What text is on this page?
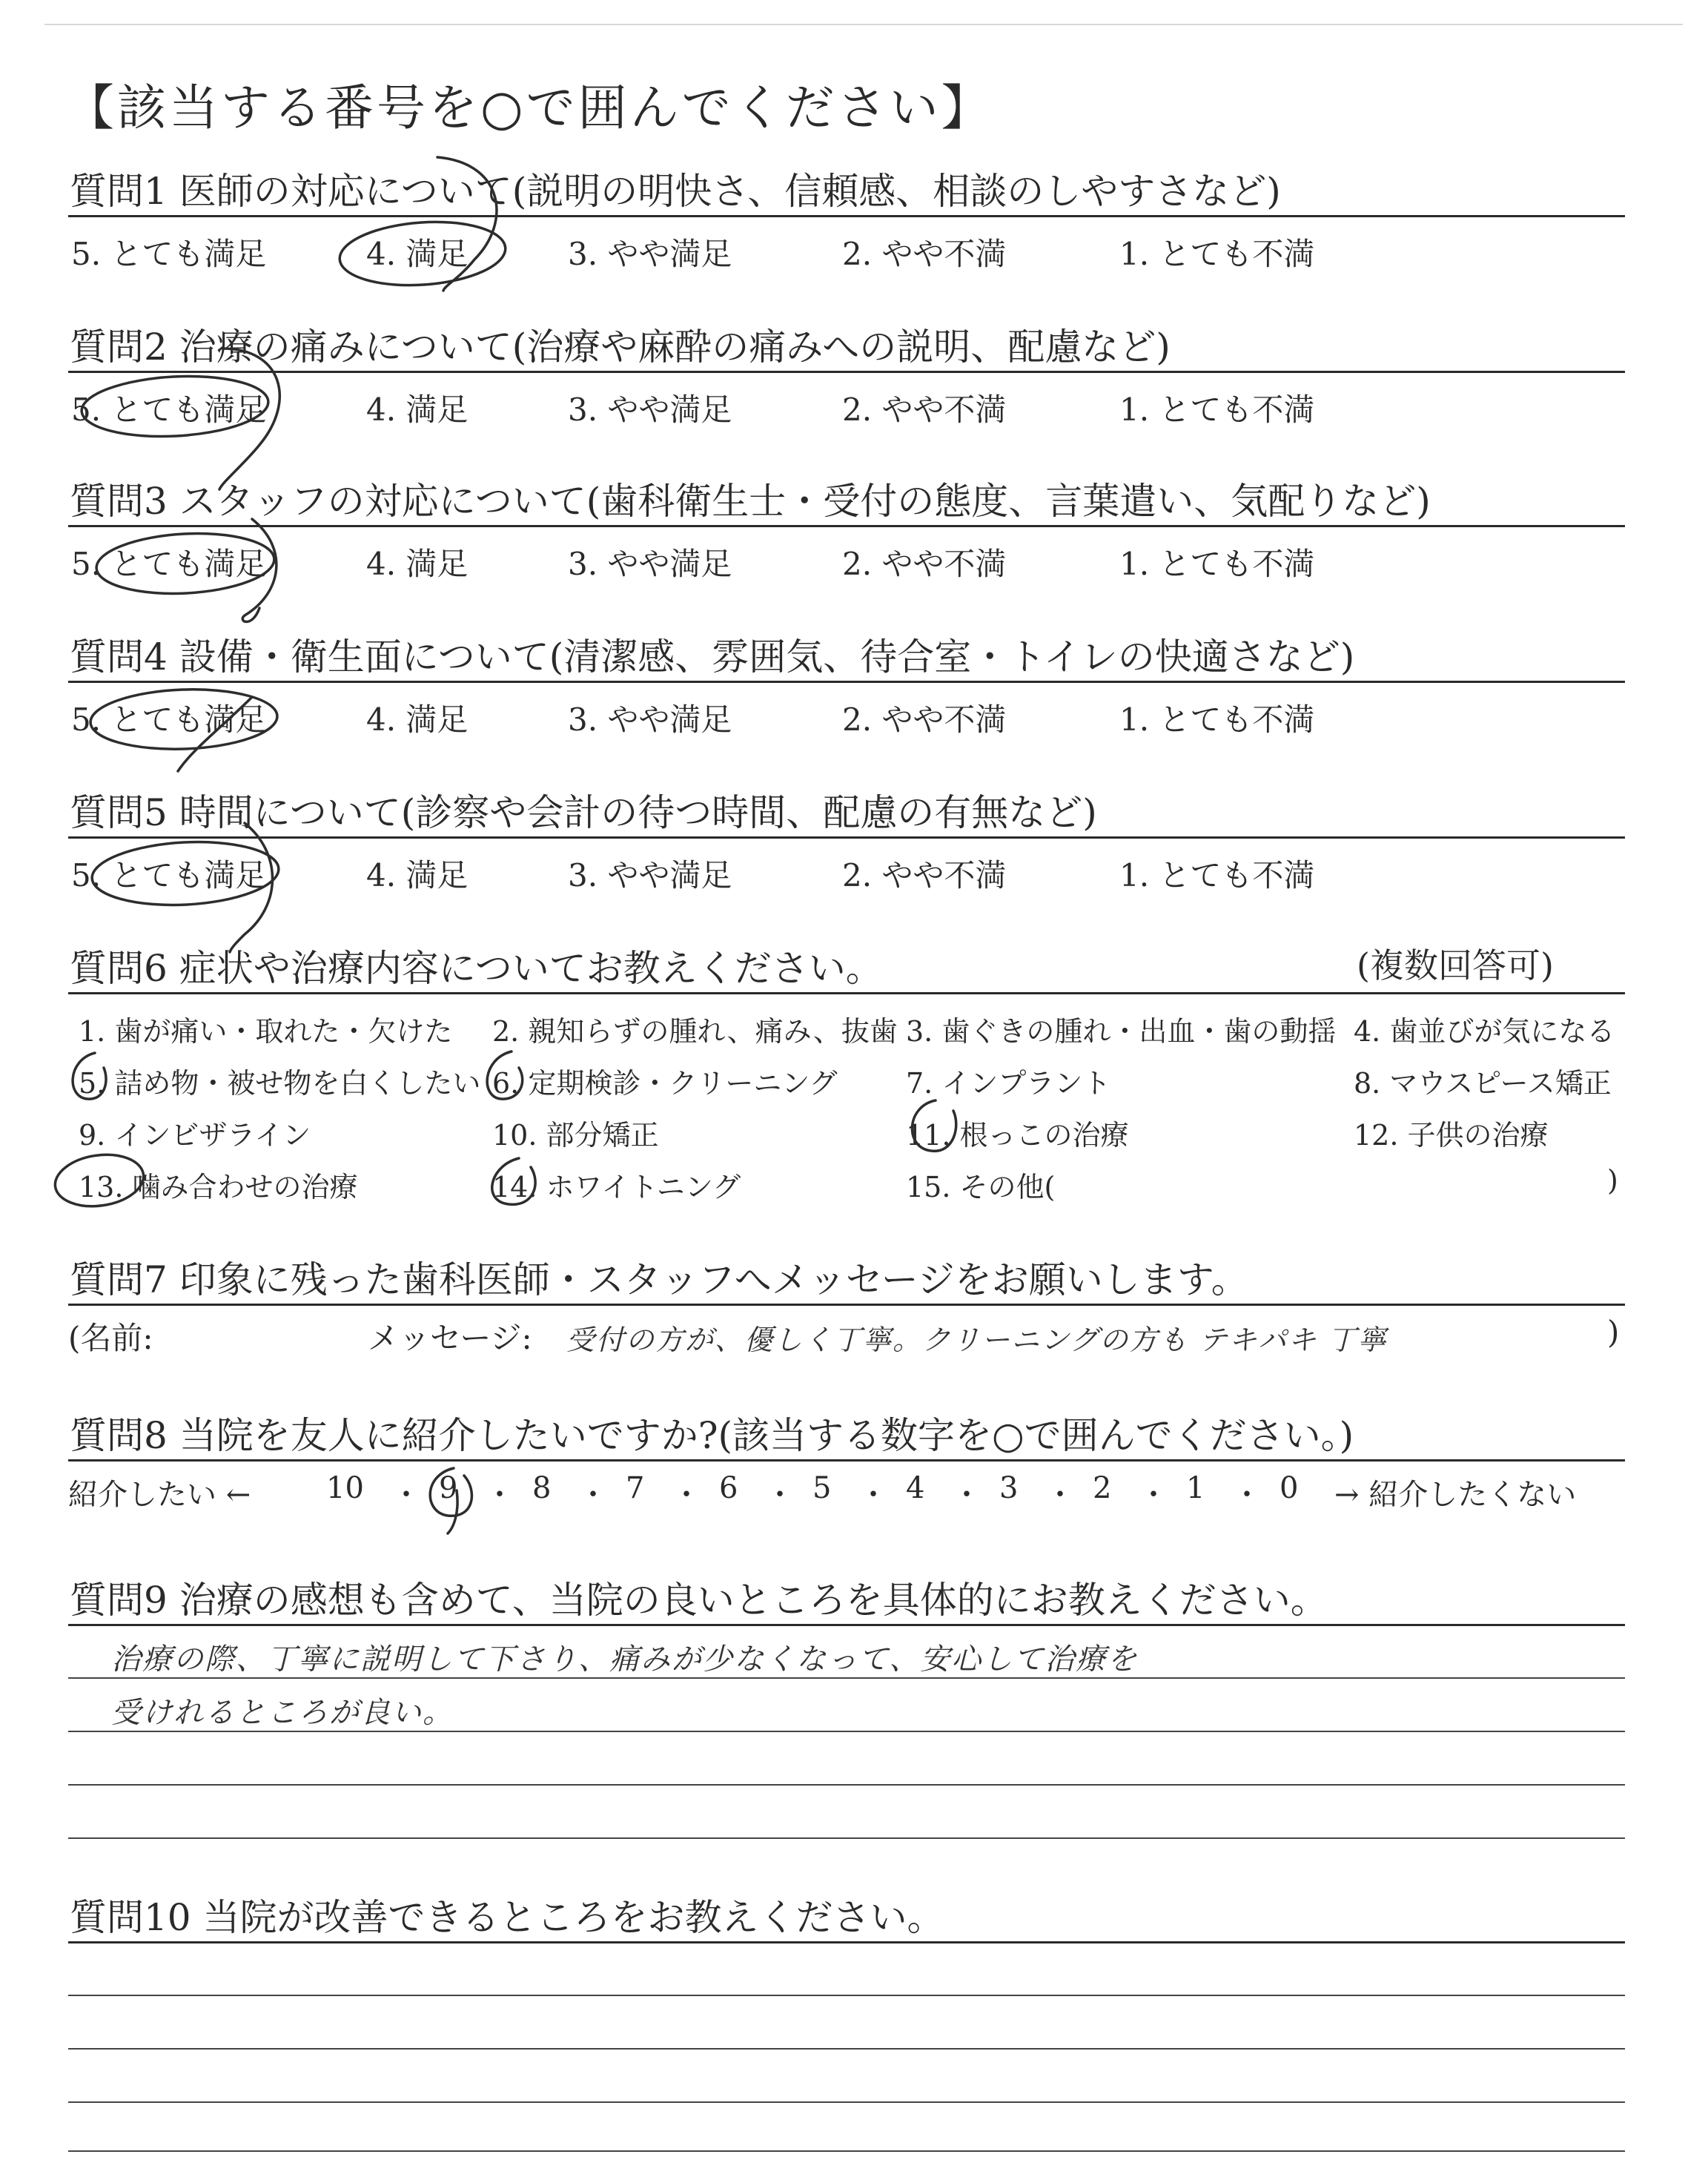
【該当する番号を○で囲んでください】
質問1 医師の対応について(説明の明快さ、信頼感、相談のしやすさなど)
5. とても満足	4. 満足	3. やや満足	2. やや不満	1. とても不満
質問2 治療の痛みについて(治療や麻酔の痛みへの説明、配慮など)
5. とても満足	4. 満足	3. やや満足	2. やや不満	1. とても不満
質問3 スタッフの対応について(歯科衛生士・受付の態度、言葉遣い、気配りなど)
5. とても満足	4. 満足	3. やや満足	2. やや不満	1. とても不満
質問4 設備・衛生面について(清潔感、雰囲気、待合室・トイレの快適さなど)
5. とても満足	4. 満足	3. やや満足	2. やや不満	1. とても不満
質問5 時間について(診察や会計の待つ時間、配慮の有無など)
5. とても満足	4. 満足	3. やや満足	2. やや不満	1. とても不満
質問6 症状や治療内容についてお教えください。	(複数回答可)
1. 歯が痛い・取れた・欠けた 2. 親知らずの腫れ、痛み、抜歯 3. 歯ぐきの腫れ・出血・歯の動揺 4. 歯並びが気になる
5. 詰め物・被せ物を白くしたい 6. 定期検診・クリーニング 7. インプラント	8. マウスピース矯正
9. インビザライン	10. 部分矯正	11. 根っこの治療	12. 子供の治療
13. 噛み合わせの治療	14. ホワイトニング	15. その他(	)
質問7 印象に残った歯科医師・スタッフへメッセージをお願いします。
(名前:	メッセージ: 受付の方が、優しく丁寧。クリーニングの方も テキパキ 丁寧	)
質問8 当院を友人に紹介したいですか?(該当する数字を○で囲んでください。)
紹介したい ←	10 ・ 9 ・ 8 ・ 7 ・ 6 ・ 5 ・ 4 ・ 3 ・ 2 ・ 1 ・ 0 → 紹介したくない
質問9 治療の感想も含めて、当院の良いところを具体的にお教えください。
治療の際、丁寧に説明して下さり、痛みが少なくなって、安心して治療を
受けれるところが良い。
質問10 当院が改善できるところをお教えください。
